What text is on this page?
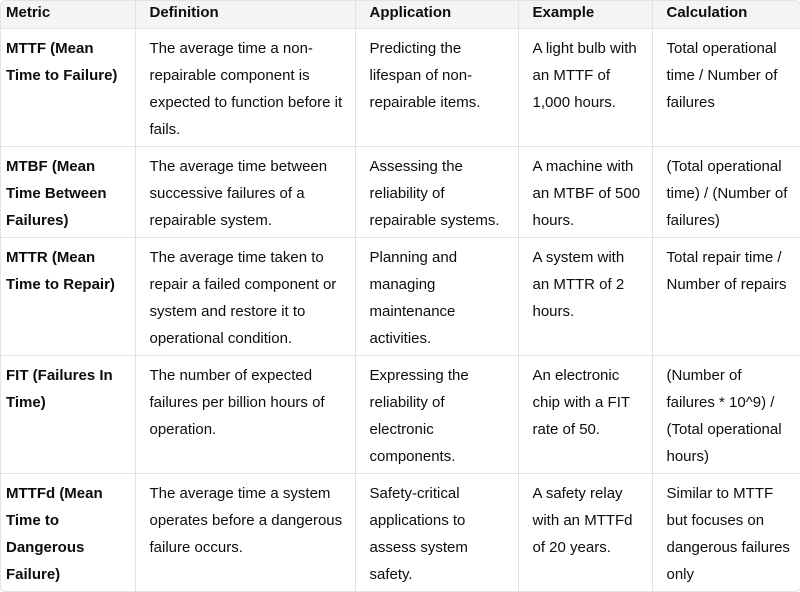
Metric	Definition	Application	Example	Calculation
MTTF (Mean Time to Failure)	The average time a non-repairable component is expected to function before it fails.	Predicting the lifespan of non-repairable items.	A light bulb with an MTTF of 1,000 hours.	Total operational time / Number of failures
MTBF (Mean Time Between Failures)	The average time between successive failures of a repairable system.	Assessing the reliability of repairable systems.	A machine with an MTBF of 500 hours.	(Total operational time) / (Number of failures)
MTTR (Mean Time to Repair)	The average time taken to repair a failed component or system and restore it to operational condition.	Planning and managing maintenance activities.	A system with an MTTR of 2 hours.	Total repair time / Number of repairs
FIT (Failures In Time)	The number of expected failures per billion hours of operation.	Expressing the reliability of electronic components.	An electronic chip with a FIT rate of 50.	(Number of failures * 10^9) / (Total operational hours)
MTTFd (Mean Time to Dangerous Failure)	The average time a system operates before a dangerous failure occurs.	Safety-critical applications to assess system safety.	A safety relay with an MTTFd of 20 years.	Similar to MTTF but focuses on dangerous failures only
